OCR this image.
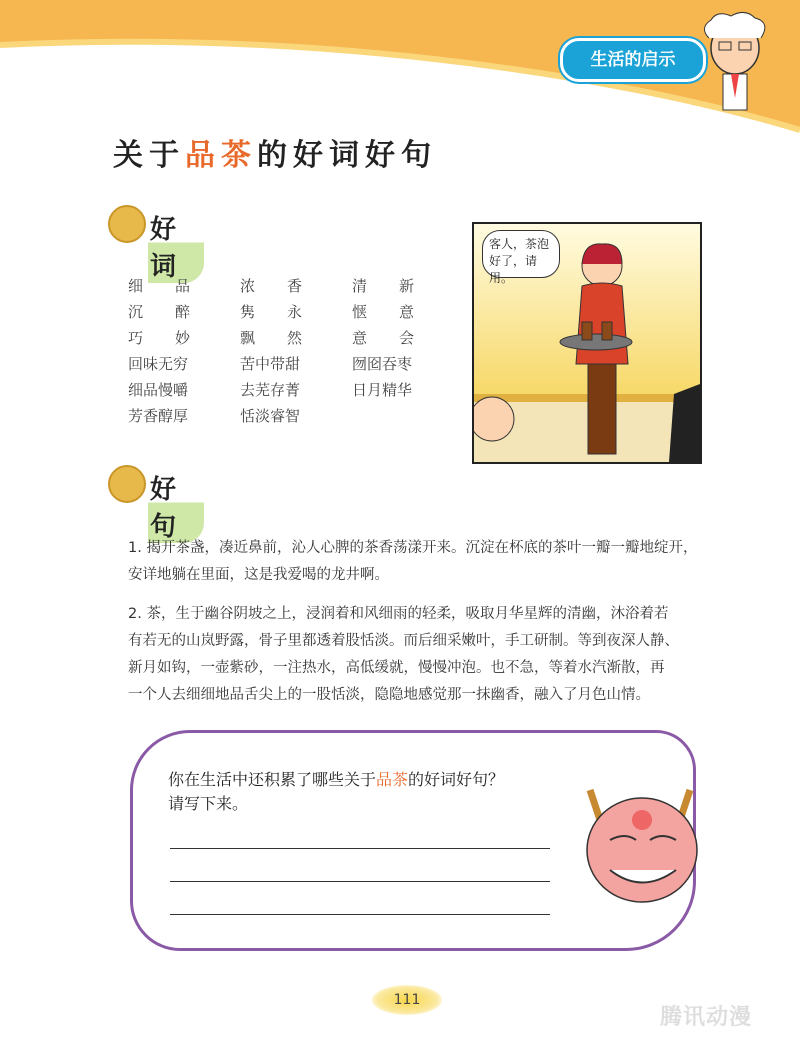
生活的启示
关于品茶的好词好句
好词
细 品	浓 香	清 新
沉 醉	隽 永	惬 意
巧 妙	飘 然	意 会
回味无穷	苦中带甜	囫囵吞枣
细品慢嚼	去芜存菁	日月精华
芳香醇厚	恬淡睿智
客人，茶泡
好了，请用。
好句
1. 揭开茶盏，凑近鼻前，沁人心脾的茶香荡漾开来。沉淀在杯底的茶叶一瓣一瓣地绽开，
安详地躺在里面，这是我爱喝的龙井啊。
2. 茶，生于幽谷阴坡之上，浸润着和风细雨的轻柔，吸取月华星辉的清幽，沐浴着若
有若无的山岚野露，骨子里都透着股恬淡。而后细采嫩叶，手工研制。等到夜深人静、
新月如钩，一壶紫砂，一注热水，高低缓就，慢慢冲泡。也不急，等着水汽渐散，再
一个人去细细地品舌尖上的一股恬淡，隐隐地感觉那一抹幽香，融入了月色山情。
你在生活中还积累了哪些关于品茶的好词好句？
请写下来。
111
腾讯动漫
